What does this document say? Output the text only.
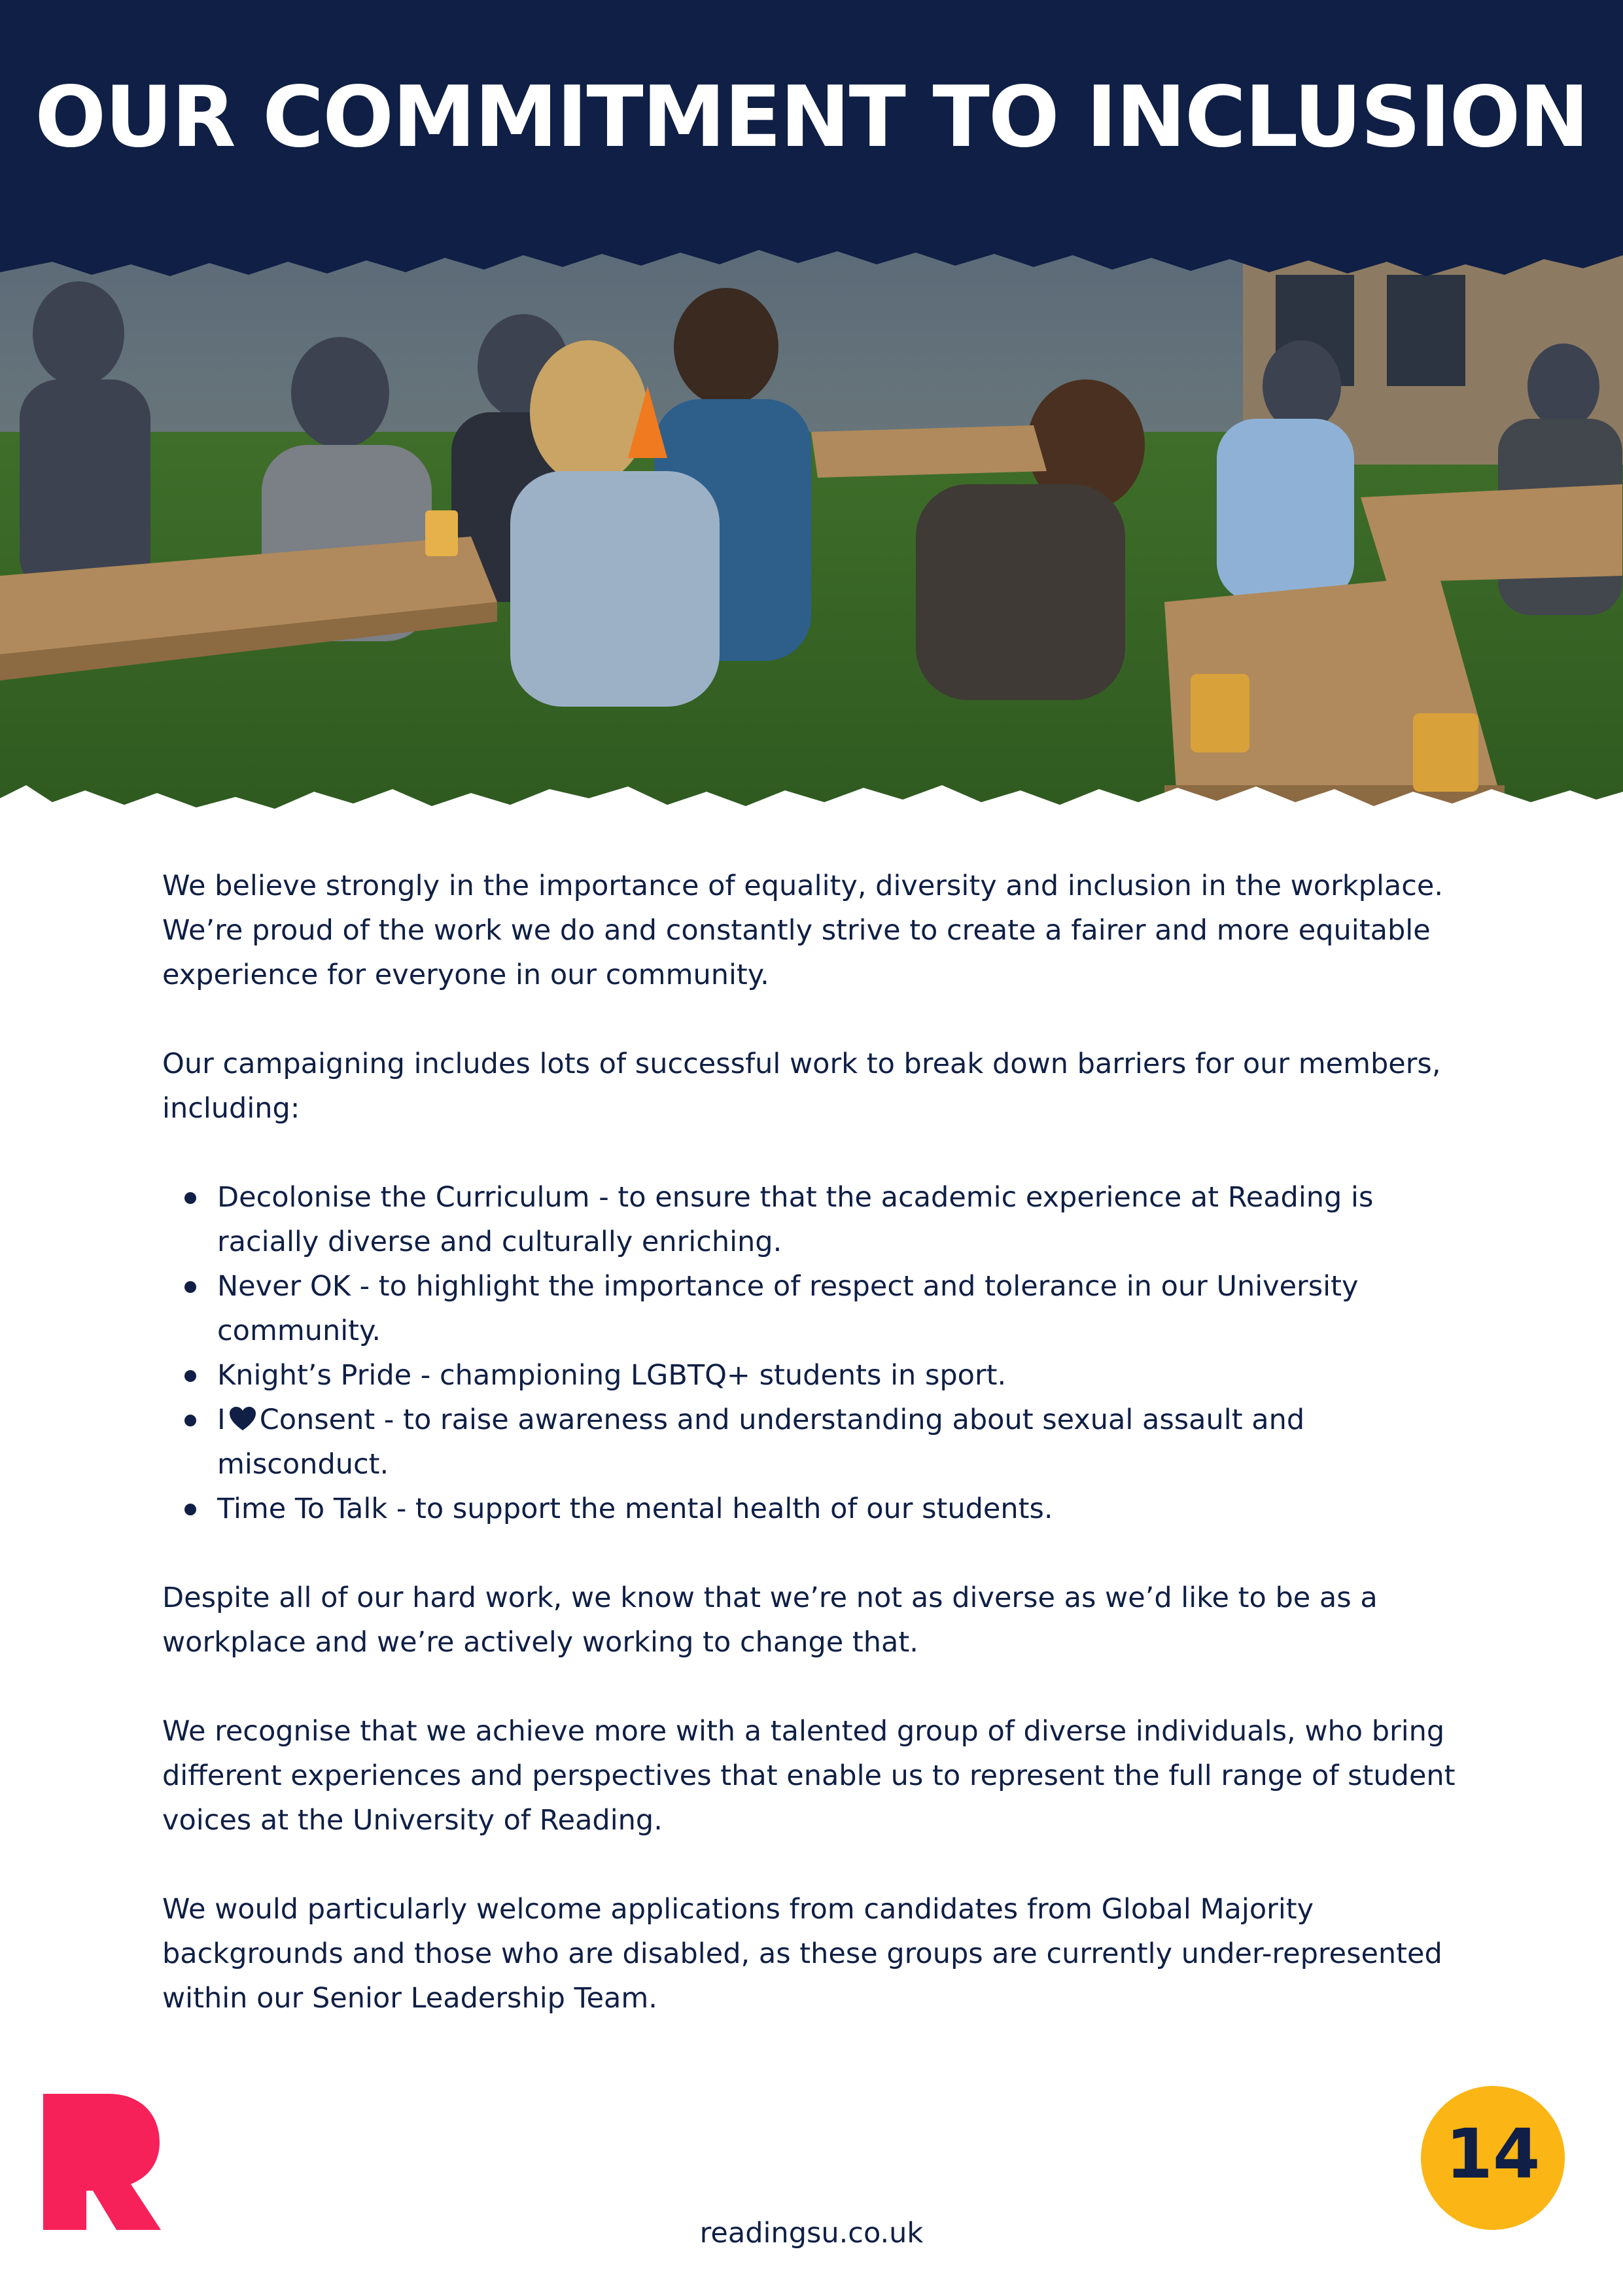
OUR COMMITMENT TO INCLUSION

We believe strongly in the importance of equality, diversity and inclusion in the workplace. We’re proud of the work we do and constantly strive to create a fairer and more equitable experience for everyone in our community.

Our campaigning includes lots of successful work to break down barriers for our members, including:

Decolonise the Curriculum - to ensure that the academic experience at Reading is racially diverse and culturally enriching.
Never OK - to highlight the importance of respect and tolerance in our University community.
Knight’s Pride - championing LGBTQ+ students in sport.
I Consent - to raise awareness and understanding about sexual assault and misconduct.
Time To Talk - to support the mental health of our students.

Despite all of our hard work, we know that we’re not as diverse as we’d like to be as a workplace and we’re actively working to change that.

We recognise that we achieve more with a talented group of diverse individuals, who bring different experiences and perspectives that enable us to represent the full range of student voices at the University of Reading.

We would particularly welcome applications from candidates from Global Majority backgrounds and those who are disabled, as these groups are currently under-represented within our Senior Leadership Team.

14
readingsu.co.uk
